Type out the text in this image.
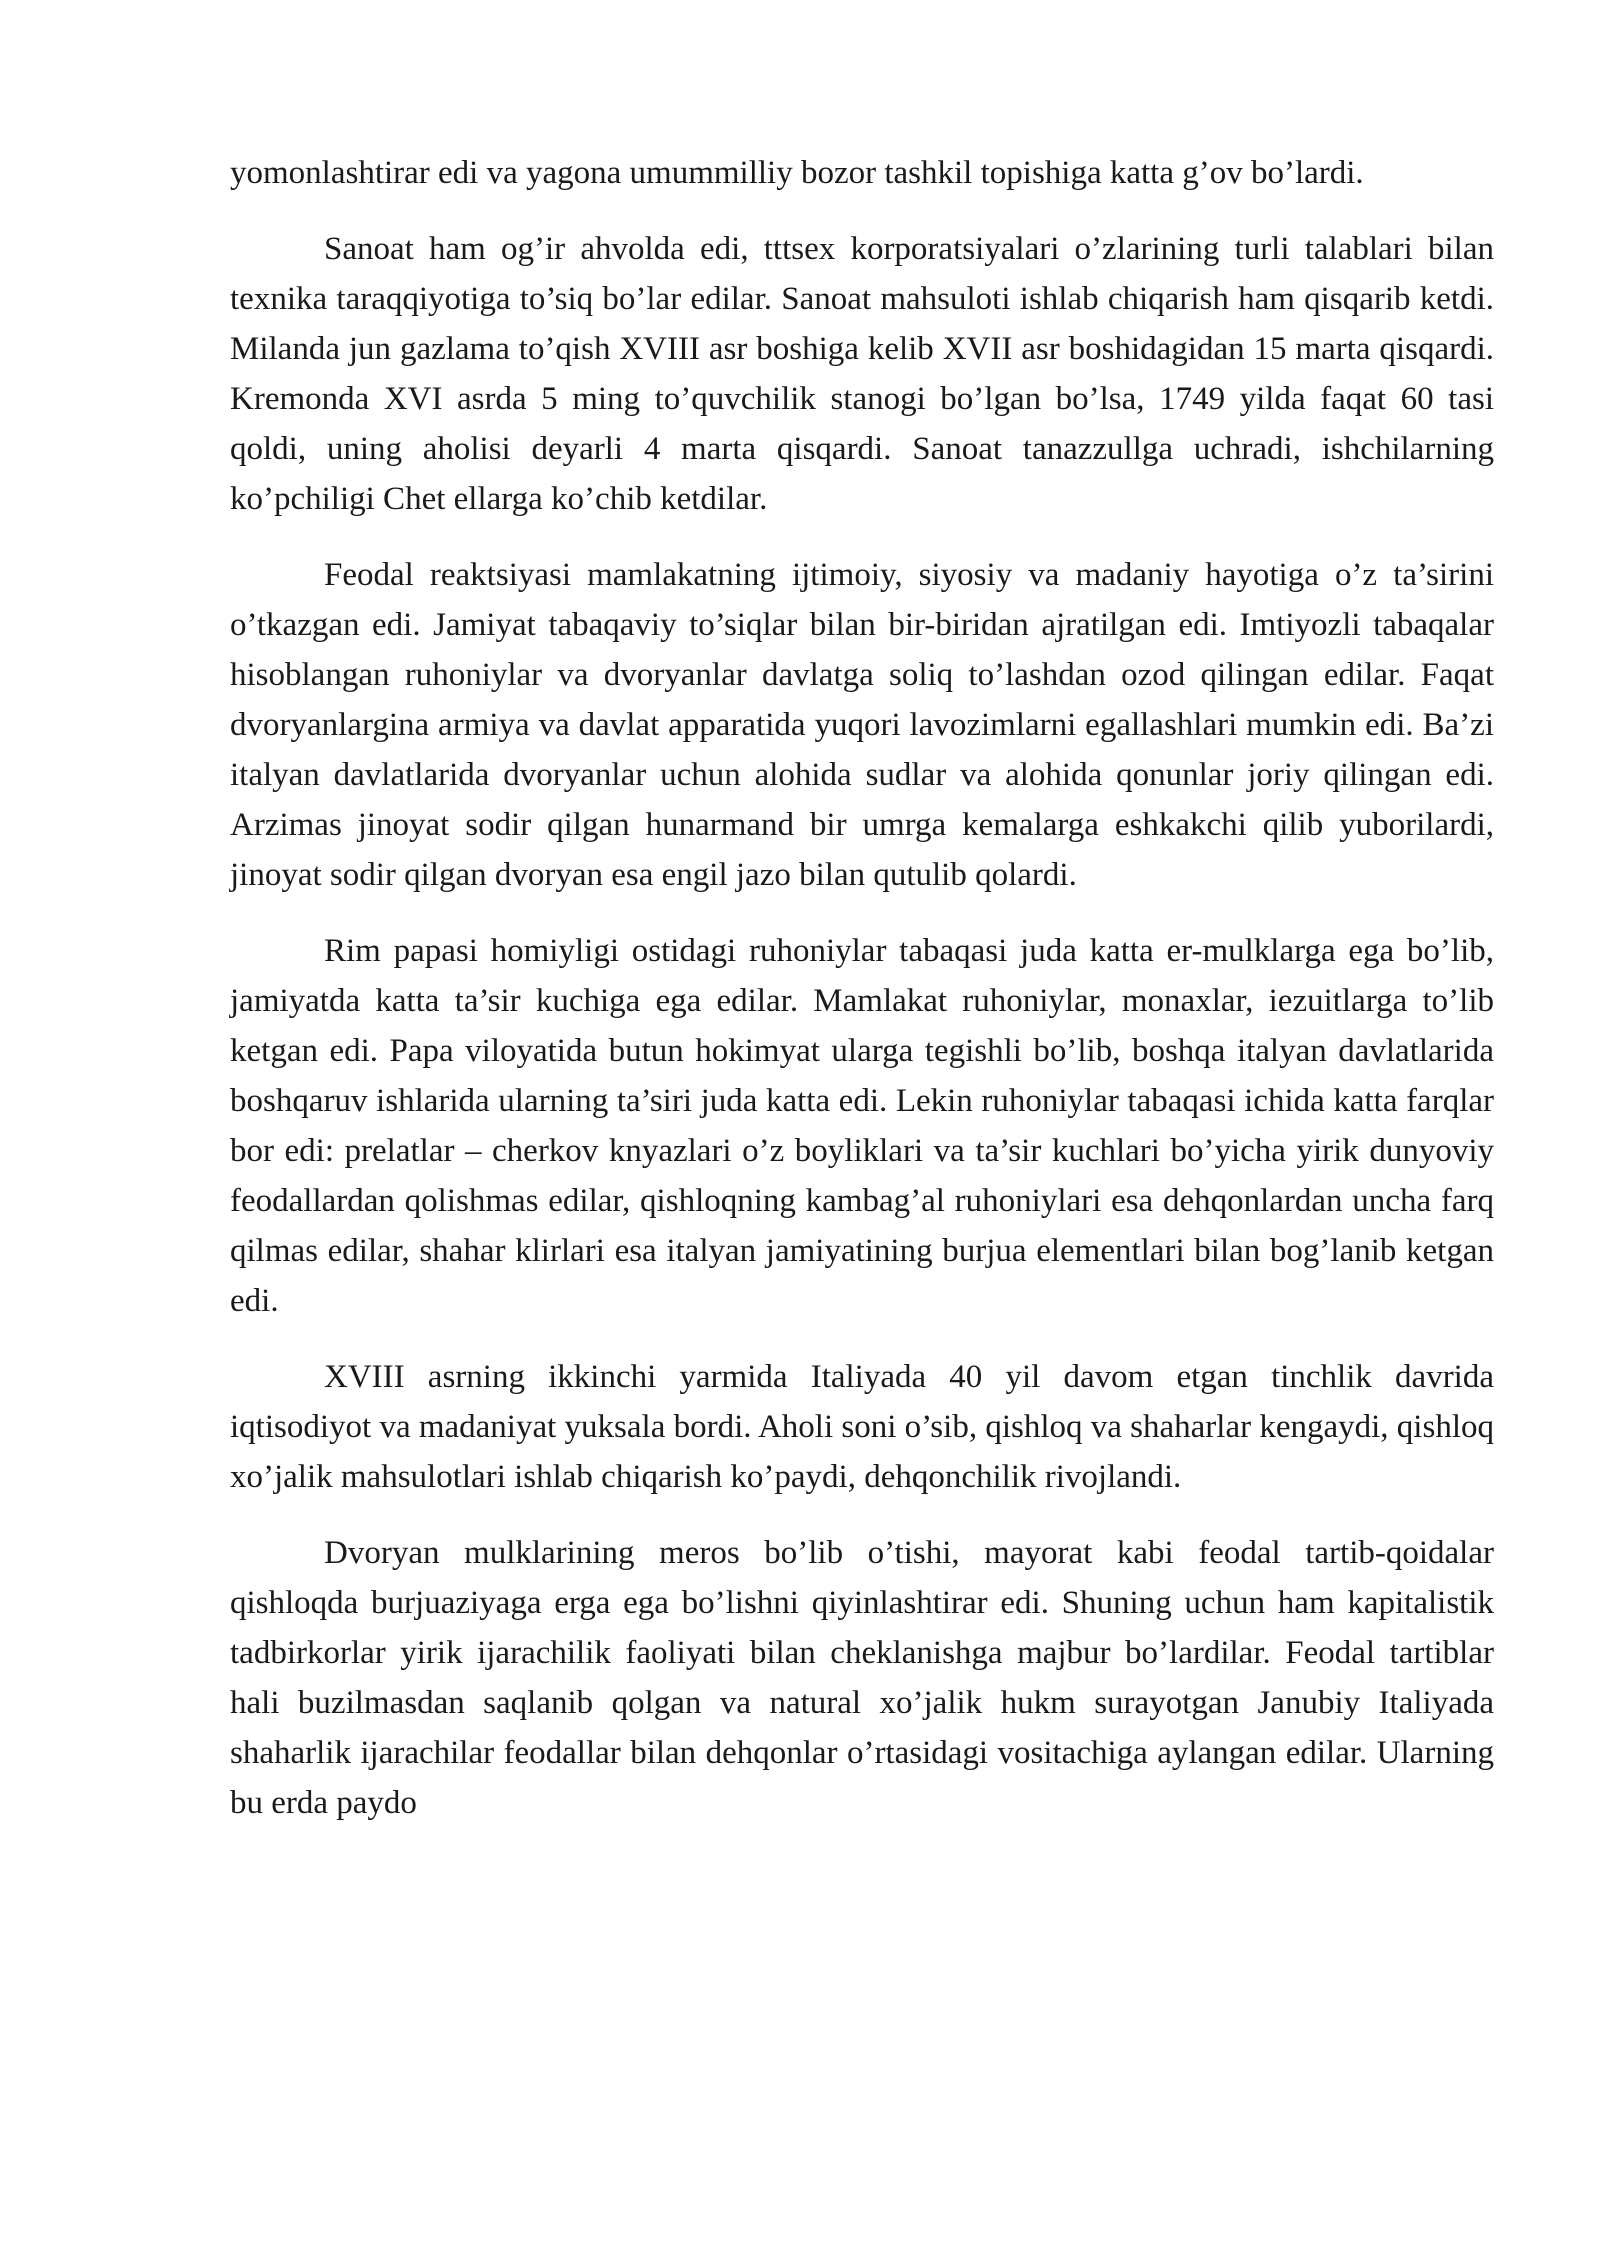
yomonlashtirar edi va yagona umummilliy bozor tashkil topishiga katta g’ov bo’lardi.

Sanoat ham og’ir ahvolda edi, tttsex korporatsiyalari o’zlarining turli talablari bilan texnika taraqqiyotiga to’siq bo’lar edilar. Sanoat mahsuloti ishlab chiqarish ham qisqarib ketdi. Milanda jun gazlama to’qish XVIII asr boshiga kelib XVII asr boshidagidan 15 marta qisqardi. Kremonda XVI asrda 5 ming to’quvchilik stanogi bo’lgan bo’lsa, 1749 yilda faqat 60 tasi qoldi, uning aholisi deyarli 4 marta qisqardi. Sanoat tanazzullga uchradi, ishchilarning ko’pchiligi Chet ellarga ko’chib ketdilar.

Feodal reaktsiyasi mamlakatning ijtimoiy, siyosiy va madaniy hayotiga o’z ta’sirini o’tkazgan edi. Jamiyat tabaqaviy to’siqlar bilan bir-biridan ajratilgan edi. Imtiyozli tabaqalar hisoblangan ruhoniylar va dvoryanlar davlatga soliq to’lashdan ozod qilingan edilar. Faqat dvoryanlargina armiya va davlat apparatida yuqori lavozimlarni egallashlari mumkin edi. Ba’zi italyan davlatlarida dvoryanlar uchun alohida sudlar va alohida qonunlar joriy qilingan edi. Arzimas jinoyat sodir qilgan hunarmand bir umrga kemalarga eshkakchi qilib yuborilardi, jinoyat sodir qilgan dvoryan esa engil jazo bilan qutulib qolardi.

Rim papasi homiyligi ostidagi ruhoniylar tabaqasi juda katta er-mulklarga ega bo’lib, jamiyatda katta ta’sir kuchiga ega edilar. Mamlakat ruhoniylar, monaxlar, iezuitlarga to’lib ketgan edi. Papa viloyatida butun hokimyat ularga tegishli bo’lib, boshqa italyan davlatlarida boshqaruv ishlarida ularning ta’siri juda katta edi. Lekin ruhoniylar tabaqasi ichida katta farqlar bor edi: prelatlar – cherkov knyazlari o’z boyliklari va ta’sir kuchlari bo’yicha yirik dunyoviy feodallardan qolishmas edilar, qishloqning kambag’al ruhoniylari esa dehqonlardan uncha farq qilmas edilar, shahar klirlari esa italyan jamiyatining burjua elementlari bilan bog’lanib ketgan edi.

XVIII asrning ikkinchi yarmida Italiyada 40 yil davom etgan tinchlik davrida iqtisodiyot va madaniyat yuksala bordi. Aholi soni o’sib, qishloq va shaharlar kengaydi, qishloq xo’jalik mahsulotlari ishlab chiqarish ko’paydi, dehqonchilik rivojlandi.

Dvoryan mulklarining meros bo’lib o’tishi, mayorat kabi feodal tartib-qoidalar qishloqda burjuaziyaga erga ega bo’lishni qiyinlashtirar edi. Shuning uchun ham kapitalistik tadbirkorlar yirik ijarachilik faoliyati bilan cheklanishga majbur bo’lardilar. Feodal tartiblar hali buzilmasdan saqlanib qolgan va natural xo’jalik hukm surayotgan Janubiy Italiyada shaharlik ijarachilar feodallar bilan dehqonlar o’rtasidagi vositachiga aylangan edilar. Ularning bu erda paydo
